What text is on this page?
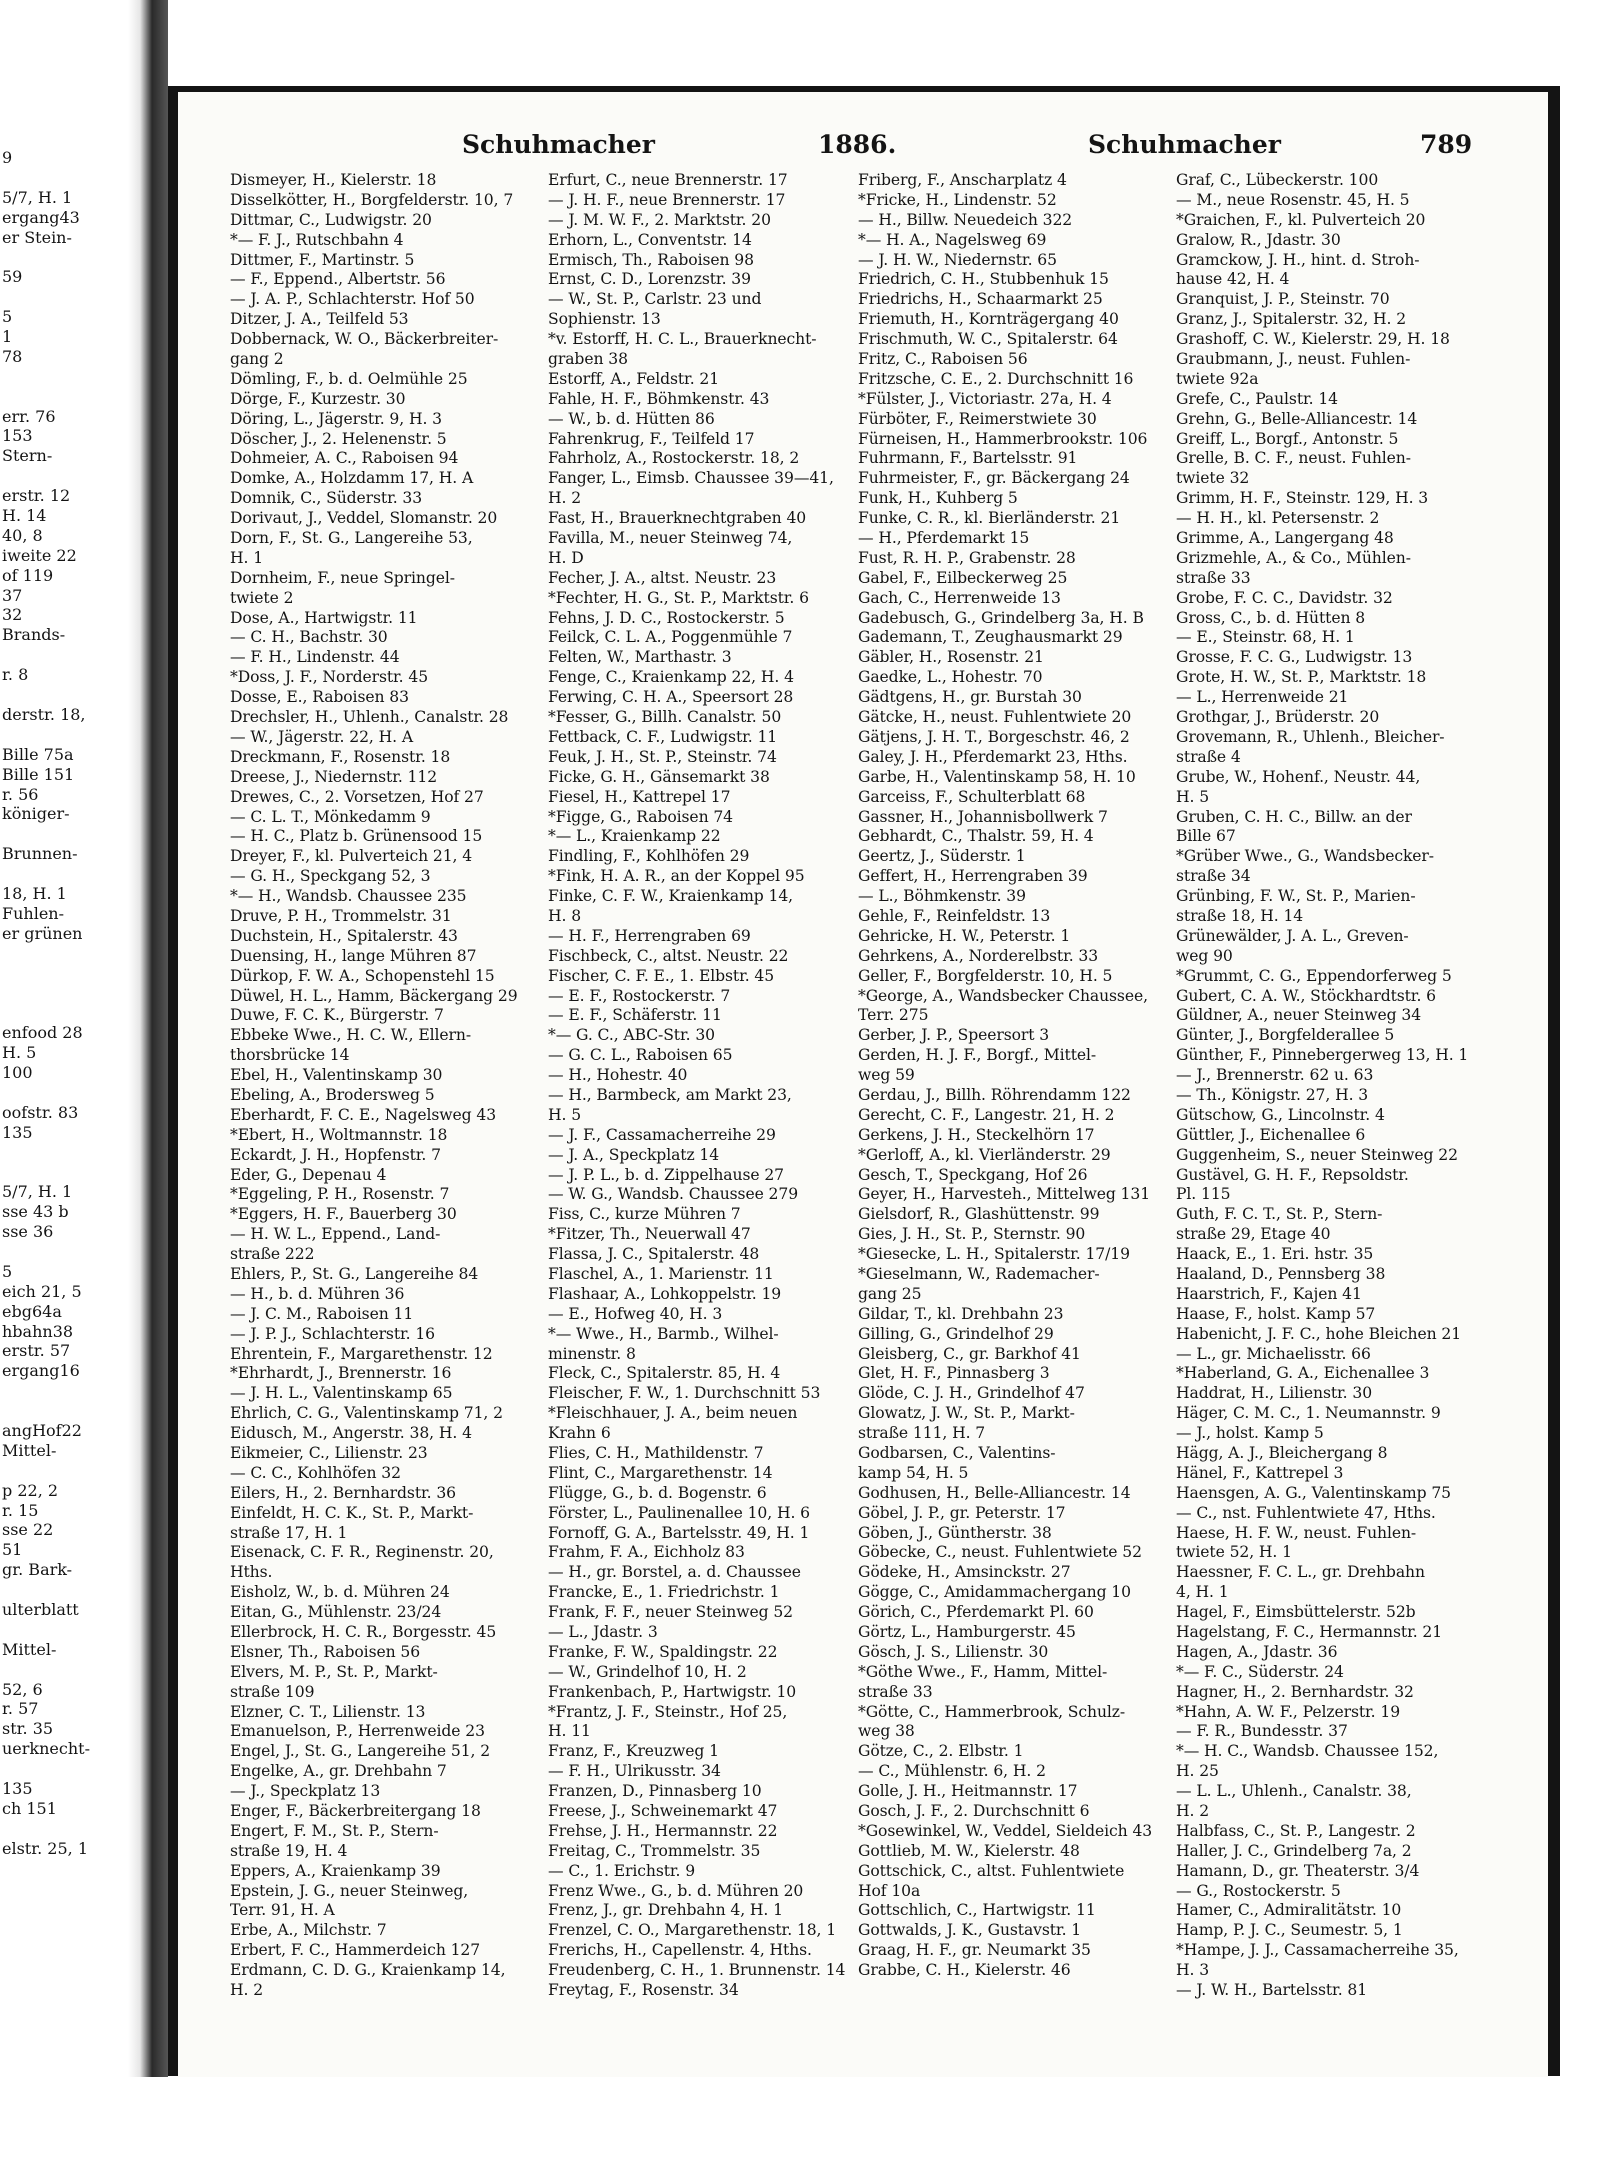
9
5/7, H. 1
ergang43
er Stein-
59
5
1
78
err. 76
153
Stern-
erstr. 12
H. 14
40, 8
iweite 22
of 119
37
32
Brands-
r. 8
derstr. 18,
Bille 75a
Bille 151
r. 56
königer-
Brunnen-
18, H. 1
Fuhlen-
er grünen
enfood 28
H. 5
100
oofstr. 83
135
5/7, H. 1
sse 43 b
sse 36
5
eich 21, 5
ebg64a
hbahn38
erstr. 57
ergang16
angHof22
Mittel-
p 22, 2
r. 15
sse 22
51
gr. Bark-
ulterblatt
Mittel-
52, 6
r. 57
str. 35
uerknecht-
135
ch 151
elstr. 25, 1
Schuhmacher	1886.	Schuhmacher	789
Dismeyer, H., Kielerstr. 18
Disselkötter, H., Borgfelderstr. 10, 7
Dittmar, C., Ludwigstr. 20
*— F. J., Rutschbahn 4
Dittmer, F., Martinstr. 5
— F., Eppend., Albertstr. 56
— J. A. P., Schlachterstr. Hof 50
Ditzer, J. A., Teilfeld 53
Dobbernack, W. O., Bäckerbreiter-
gang 2
Dömling, F., b. d. Oelmühle 25
Dörge, F., Kurzestr. 30
Döring, L., Jägerstr. 9, H. 3
Döscher, J., 2. Helenenstr. 5
Dohmeier, A. C., Raboisen 94
Domke, A., Holzdamm 17, H. A
Domnik, C., Süderstr. 33
Dorivaut, J., Veddel, Slomanstr. 20
Dorn, F., St. G., Langereihe 53,
H. 1
Dornheim, F., neue Springel-
twiete 2
Dose, A., Hartwigstr. 11
— C. H., Bachstr. 30
— F. H., Lindenstr. 44
*Doss, J. F., Norderstr. 45
Dosse, E., Raboisen 83
Drechsler, H., Uhlenh., Canalstr. 28
— W., Jägerstr. 22, H. A
Dreckmann, F., Rosenstr. 18
Dreese, J., Niedernstr. 112
Drewes, C., 2. Vorsetzen, Hof 27
— C. L. T., Mönkedamm 9
— H. C., Platz b. Grünensood 15
Dreyer, F., kl. Pulverteich 21, 4
— G. H., Speckgang 52, 3
*— H., Wandsb. Chaussee 235
Druve, P. H., Trommelstr. 31
Duchstein, H., Spitalerstr. 43
Duensing, H., lange Mühren 87
Dürkop, F. W. A., Schopenstehl 15
Düwel, H. L., Hamm, Bäckergang 29
Duwe, F. C. K., Bürgerstr. 7
Ebbeke Wwe., H. C. W., Ellern-
thorsbrücke 14
Ebel, H., Valentinskamp 30
Ebeling, A., Brodersweg 5
Eberhardt, F. C. E., Nagelsweg 43
*Ebert, H., Woltmannstr. 18
Eckardt, J. H., Hopfenstr. 7
Eder, G., Depenau 4
*Eggeling, P. H., Rosenstr. 7
*Eggers, H. F., Bauerberg 30
— H. W. L., Eppend., Land-
straße 222
Ehlers, P., St. G., Langereihe 84
— H., b. d. Mühren 36
— J. C. M., Raboisen 11
— J. P. J., Schlachterstr. 16
Ehrentein, F., Margarethenstr. 12
*Ehrhardt, J., Brennerstr. 16
— J. H. L., Valentinskamp 65
Ehrlich, C. G., Valentinskamp 71, 2
Eidusch, M., Angerstr. 38, H. 4
Eikmeier, C., Lilienstr. 23
— C. C., Kohlhöfen 32
Eilers, H., 2. Bernhardstr. 36
Einfeldt, H. C. K., St. P., Markt-
straße 17, H. 1
Eisenack, C. F. R., Reginenstr. 20,
Hths.
Eisholz, W., b. d. Mühren 24
Eitan, G., Mühlenstr. 23/24
Ellerbrock, H. C. R., Borgesstr. 45
Elsner, Th., Raboisen 56
Elvers, M. P., St. P., Markt-
straße 109
Elzner, C. T., Lilienstr. 13
Emanuelson, P., Herrenweide 23
Engel, J., St. G., Langereihe 51, 2
Engelke, A., gr. Drehbahn 7
— J., Speckplatz 13
Enger, F., Bäckerbreitergang 18
Engert, F. M., St. P., Stern-
straße 19, H. 4
Eppers, A., Kraienkamp 39
Epstein, J. G., neuer Steinweg,
Terr. 91, H. A
Erbe, A., Milchstr. 7
Erbert, F. C., Hammerdeich 127
Erdmann, C. D. G., Kraienkamp 14,
H. 2
Erfurt, C., neue Brennerstr. 17
— J. H. F., neue Brennerstr. 17
— J. M. W. F., 2. Marktstr. 20
Erhorn, L., Conventstr. 14
Ermisch, Th., Raboisen 98
Ernst, C. D., Lorenzstr. 39
— W., St. P., Carlstr. 23 und
Sophienstr. 13
*v. Estorff, H. C. L., Brauerknecht-
graben 38
Estorff, A., Feldstr. 21
Fahle, H. F., Böhmkenstr. 43
— W., b. d. Hütten 86
Fahrenkrug, F., Teilfeld 17
Fahrholz, A., Rostockerstr. 18, 2
Fanger, L., Eimsb. Chaussee 39—41,
H. 2
Fast, H., Brauerknechtgraben 40
Favilla, M., neuer Steinweg 74,
H. D
Fecher, J. A., altst. Neustr. 23
*Fechter, H. G., St. P., Marktstr. 6
Fehns, J. D. C., Rostockerstr. 5
Feilck, C. L. A., Poggenmühle 7
Felten, W., Marthastr. 3
Fenge, C., Kraienkamp 22, H. 4
Ferwing, C. H. A., Speersort 28
*Fesser, G., Billh. Canalstr. 50
Fettback, C. F., Ludwigstr. 11
Feuk, J. H., St. P., Steinstr. 74
Ficke, G. H., Gänsemarkt 38
Fiesel, H., Kattrepel 17
*Figge, G., Raboisen 74
*— L., Kraienkamp 22
Findling, F., Kohlhöfen 29
*Fink, H. A. R., an der Koppel 95
Finke, C. F. W., Kraienkamp 14,
H. 8
— H. F., Herrengraben 69
Fischbeck, C., altst. Neustr. 22
Fischer, C. F. E., 1. Elbstr. 45
— E. F., Rostockerstr. 7
— E. F., Schäferstr. 11
*— G. C., ABC-Str. 30
— G. C. L., Raboisen 65
— H., Hohestr. 40
— H., Barmbeck, am Markt 23,
H. 5
— J. F., Cassamacherreihe 29
— J. A., Speckplatz 14
— J. P. L., b. d. Zippelhause 27
— W. G., Wandsb. Chaussee 279
Fiss, C., kurze Mühren 7
*Fitzer, Th., Neuerwall 47
Flassa, J. C., Spitalerstr. 48
Flaschel, A., 1. Marienstr. 11
Flashaar, A., Lohkoppelstr. 19
— E., Hofweg 40, H. 3
*— Wwe., H., Barmb., Wilhel-
minenstr. 8
Fleck, C., Spitalerstr. 85, H. 4
Fleischer, F. W., 1. Durchschnitt 53
*Fleischhauer, J. A., beim neuen
Krahn 6
Flies, C. H., Mathildenstr. 7
Flint, C., Margarethenstr. 14
Flügge, G., b. d. Bogenstr. 6
Förster, L., Paulinenallee 10, H. 6
Fornoff, G. A., Bartelsstr. 49, H. 1
Frahm, F. A., Eichholz 83
— H., gr. Borstel, a. d. Chaussee
Francke, E., 1. Friedrichstr. 1
Frank, F. F., neuer Steinweg 52
— L., Jdastr. 3
Franke, F. W., Spaldingstr. 22
— W., Grindelhof 10, H. 2
Frankenbach, P., Hartwigstr. 10
*Frantz, J. F., Steinstr., Hof 25,
H. 11
Franz, F., Kreuzweg 1
— F. H., Ulrikusstr. 34
Franzen, D., Pinnasberg 10
Freese, J., Schweinemarkt 47
Frehse, J. H., Hermannstr. 22
Freitag, C., Trommelstr. 35
— C., 1. Erichstr. 9
Frenz Wwe., G., b. d. Mühren 20
Frenz, J., gr. Drehbahn 4, H. 1
Frenzel, C. O., Margarethenstr. 18, 1
Frerichs, H., Capellenstr. 4, Hths.
Freudenberg, C. H., 1. Brunnenstr. 14
Freytag, F., Rosenstr. 34
Friberg, F., Anscharplatz 4
*Fricke, H., Lindenstr. 52
— H., Billw. Neuedeich 322
*— H. A., Nagelsweg 69
— J. H. W., Niedernstr. 65
Friedrich, C. H., Stubbenhuk 15
Friedrichs, H., Schaarmarkt 25
Friemuth, H., Kornträgergang 40
Frischmuth, W. C., Spitalerstr. 64
Fritz, C., Raboisen 56
Fritzsche, C. E., 2. Durchschnitt 16
*Fülster, J., Victoriastr. 27a, H. 4
Fürböter, F., Reimerstwiete 30
Fürneisen, H., Hammerbrookstr. 106
Fuhrmann, F., Bartelsstr. 91
Fuhrmeister, F., gr. Bäckergang 24
Funk, H., Kuhberg 5
Funke, C. R., kl. Bierländerstr. 21
— H., Pferdemarkt 15
Fust, R. H. P., Grabenstr. 28
Gabel, F., Eilbeckerweg 25
Gach, C., Herrenweide 13
Gadebusch, G., Grindelberg 3a, H. B
Gademann, T., Zeughausmarkt 29
Gäbler, H., Rosenstr. 21
Gaedke, L., Hohestr. 70
Gädtgens, H., gr. Burstah 30
Gätcke, H., neust. Fuhlentwiete 20
Gätjens, J. H. T., Borgeschstr. 46, 2
Galey, J. H., Pferdemarkt 23, Hths.
Garbe, H., Valentinskamp 58, H. 10
Garceiss, F., Schulterblatt 68
Gassner, H., Johannisbollwerk 7
Gebhardt, C., Thalstr. 59, H. 4
Geertz, J., Süderstr. 1
Geffert, H., Herrengraben 39
— L., Böhmkenstr. 39
Gehle, F., Reinfeldstr. 13
Gehricke, H. W., Peterstr. 1
Gehrkens, A., Norderelbstr. 33
Geller, F., Borgfelderstr. 10, H. 5
*George, A., Wandsbecker Chaussee,
Terr. 275
Gerber, J. P., Speersort 3
Gerden, H. J. F., Borgf., Mittel-
weg 59
Gerdau, J., Billh. Röhrendamm 122
Gerecht, C. F., Langestr. 21, H. 2
Gerkens, J. H., Steckelhörn 17
*Gerloff, A., kl. Vierländerstr. 29
Gesch, T., Speckgang, Hof 26
Geyer, H., Harvesteh., Mittelweg 131
Gielsdorf, R., Glashüttenstr. 99
Gies, J. H., St. P., Sternstr. 90
*Giesecke, L. H., Spitalerstr. 17/19
*Gieselmann, W., Rademacher-
gang 25
Gildar, T., kl. Drehbahn 23
Gilling, G., Grindelhof 29
Gleisberg, C., gr. Barkhof 41
Glet, H. F., Pinnasberg 3
Glöde, C. J. H., Grindelhof 47
Glowatz, J. W., St. P., Markt-
straße 111, H. 7
Godbarsen, C., Valentins-
kamp 54, H. 5
Godhusen, H., Belle-Alliancestr. 14
Göbel, J. P., gr. Peterstr. 17
Göben, J., Güntherstr. 38
Göbecke, C., neust. Fuhlentwiete 52
Gödeke, H., Amsinckstr. 27
Gögge, C., Amidammachergang 10
Görich, C., Pferdemarkt Pl. 60
Görtz, L., Hamburgerstr. 45
Gösch, J. S., Lilienstr. 30
*Göthe Wwe., F., Hamm, Mittel-
straße 33
*Götte, C., Hammerbrook, Schulz-
weg 38
Götze, C., 2. Elbstr. 1
— C., Mühlenstr. 6, H. 2
Golle, J. H., Heitmannstr. 17
Gosch, J. F., 2. Durchschnitt 6
*Gosewinkel, W., Veddel, Sieldeich 43
Gottlieb, M. W., Kielerstr. 48
Gottschick, C., altst. Fuhlentwiete
Hof 10a
Gottschlich, C., Hartwigstr. 11
Gottwalds, J. K., Gustavstr. 1
Graag, H. F., gr. Neumarkt 35
Grabbe, C. H., Kielerstr. 46
Graf, C., Lübeckerstr. 100
— M., neue Rosenstr. 45, H. 5
*Graichen, F., kl. Pulverteich 20
Gralow, R., Jdastr. 30
Gramckow, J. H., hint. d. Stroh-
hause 42, H. 4
Granquist, J. P., Steinstr. 70
Granz, J., Spitalerstr. 32, H. 2
Grashoff, C. W., Kielerstr. 29, H. 18
Graubmann, J., neust. Fuhlen-
twiete 92a
Grefe, C., Paulstr. 14
Grehn, G., Belle-Alliancestr. 14
Greiff, L., Borgf., Antonstr. 5
Grelle, B. C. F., neust. Fuhlen-
twiete 32
Grimm, H. F., Steinstr. 129, H. 3
— H. H., kl. Petersenstr. 2
Grimme, A., Langergang 48
Grizmehle, A., & Co., Mühlen-
straße 33
Grobe, F. C. C., Davidstr. 32
Gross, C., b. d. Hütten 8
— E., Steinstr. 68, H. 1
Grosse, F. C. G., Ludwigstr. 13
Grote, H. W., St. P., Marktstr. 18
— L., Herrenweide 21
Grothgar, J., Brüderstr. 20
Grovemann, R., Uhlenh., Bleicher-
straße 4
Grube, W., Hohenf., Neustr. 44,
H. 5
Gruben, C. H. C., Billw. an der
Bille 67
*Grüber Wwe., G., Wandsbecker-
straße 34
Grünbing, F. W., St. P., Marien-
straße 18, H. 14
Grünewälder, J. A. L., Greven-
weg 90
*Grummt, C. G., Eppendorferweg 5
Gubert, C. A. W., Stöckhardtstr. 6
Güldner, A., neuer Steinweg 34
Günter, J., Borgfelderallee 5
Günther, F., Pinnebergerweg 13, H. 1
— J., Brennerstr. 62 u. 63
— Th., Königstr. 27, H. 3
Gütschow, G., Lincolnstr. 4
Güttler, J., Eichenallee 6
Guggenheim, S., neuer Steinweg 22
Gustävel, G. H. F., Repsoldstr.
Pl. 115
Guth, F. C. T., St. P., Stern-
straße 29, Etage 40
Haack, E., 1. Eri. hstr. 35
Haaland, D., Pennsberg 38
Haarstrich, F., Kajen 41
Haase, F., holst. Kamp 57
Habenicht, J. F. C., hohe Bleichen 21
— L., gr. Michaelisstr. 66
*Haberland, G. A., Eichenallee 3
Haddrat, H., Lilienstr. 30
Häger, C. M. C., 1. Neumannstr. 9
— J., holst. Kamp 5
Hägg, A. J., Bleichergang 8
Hänel, F., Kattrepel 3
Haensgen, A. G., Valentinskamp 75
— C., nst. Fuhlentwiete 47, Hths.
Haese, H. F. W., neust. Fuhlen-
twiete 52, H. 1
Haessner, F. C. L., gr. Drehbahn
4, H. 1
Hagel, F., Eimsbüttelerstr. 52b
Hagelstang, F. C., Hermannstr. 21
Hagen, A., Jdastr. 36
*— F. C., Süderstr. 24
Hagner, H., 2. Bernhardstr. 32
*Hahn, A. W. F., Pelzerstr. 19
— F. R., Bundesstr. 37
*— H. C., Wandsb. Chaussee 152,
H. 25
— L. L., Uhlenh., Canalstr. 38,
H. 2
Halbfass, C., St. P., Langestr. 2
Haller, J. C., Grindelberg 7a, 2
Hamann, D., gr. Theaterstr. 3/4
— G., Rostockerstr. 5
Hamer, C., Admiralitätstr. 10
Hamp, P. J. C., Seumestr. 5, 1
*Hampe, J. J., Cassamacherreihe 35,
H. 3
— J. W. H., Bartelsstr. 81
